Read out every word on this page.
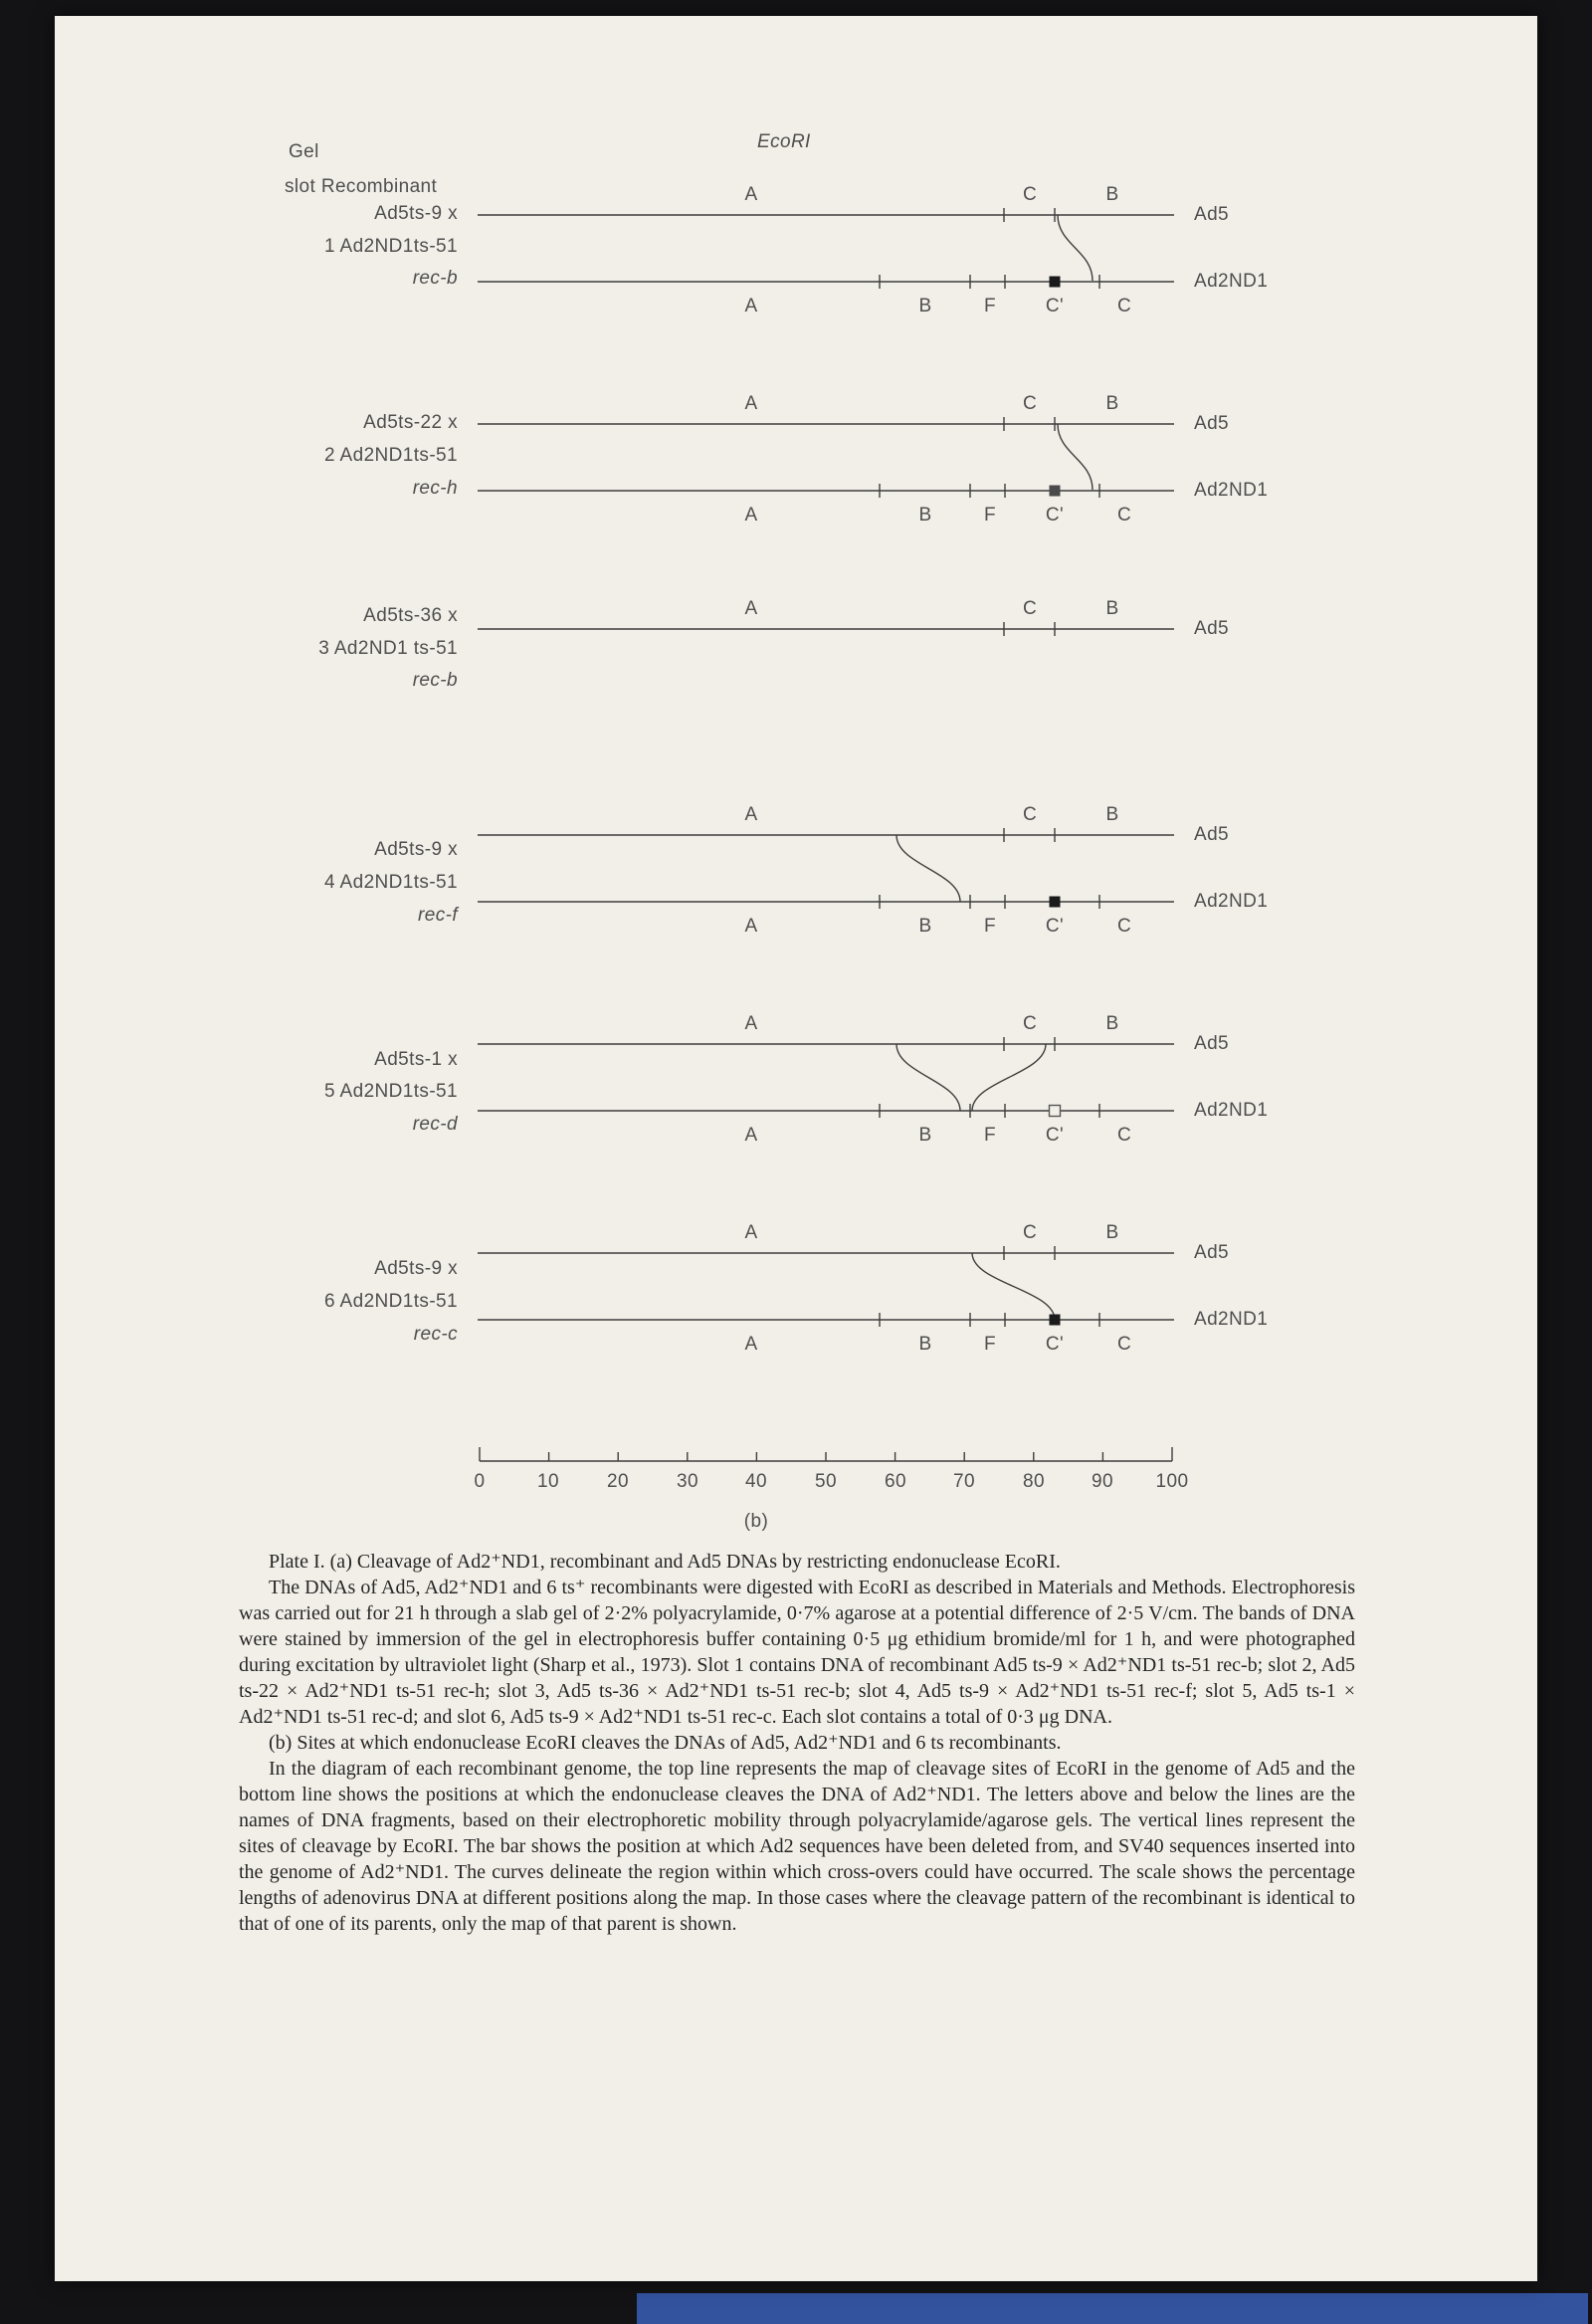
Gel
slot Recombinant
EcoRI
Ad5ts-9 x
1 Ad2ND1ts-51
rec-b
A	C	B
Ad5
A	B	F	C'	C
Ad2ND1
Ad5ts-22 x
2 Ad2ND1ts-51
rec-h
A	C	B
Ad5
A	B	F	C'	C
Ad2ND1
Ad5ts-36 x
3 Ad2ND1 ts-51
rec-b
A	C	B
Ad5
Ad5ts-9 x
4 Ad2ND1ts-51
rec-f
A	C	B
Ad5
A	B	F	C'	C
Ad2ND1
Ad5ts-1 x
5 Ad2ND1ts-51
rec-d
A	C	B
Ad5
A	B	F	C'	C
Ad2ND1
Ad5ts-9 x
6 Ad2ND1ts-51
rec-c
A	C	B
Ad5
A	B	F	C'	C
Ad2ND1
0	10	20	30 40	50	60 70	80 90 100
(b)

Plate I. (a) Cleavage of Ad2⁺ND1, recombinant and Ad5 DNAs by restricting endonuclease EcoRI.

The DNAs of Ad5, Ad2⁺ND1 and 6 ts⁺ recombinants were digested with EcoRI as described in Materials and Methods. Electrophoresis was carried out for 21 h through a slab gel of 2·2% polyacrylamide, 0·7% agarose at a potential difference of 2·5 V/cm. The bands of DNA were stained by immersion of the gel in electrophoresis buffer containing 0·5 μg ethidium bromide/ml for 1 h, and were photographed during excitation by ultraviolet light (Sharp et al., 1973). Slot 1 contains DNA of recombinant Ad5 ts-9 × Ad2⁺ND1 ts-51 rec-b; slot 2, Ad5 ts-22 × Ad2⁺ND1 ts-51 rec-h; slot 3, Ad5 ts-36 × Ad2⁺ND1 ts-51 rec-b; slot 4, Ad5 ts-9 × Ad2⁺ND1 ts-51 rec-f; slot 5, Ad5 ts-1 × Ad2⁺ND1 ts-51 rec-d; and slot 6, Ad5 ts-9 × Ad2⁺ND1 ts-51 rec-c. Each slot contains a total of 0·3 μg DNA.

(b) Sites at which endonuclease EcoRI cleaves the DNAs of Ad5, Ad2⁺ND1 and 6 ts recombinants.

In the diagram of each recombinant genome, the top line represents the map of cleavage sites of EcoRI in the genome of Ad5 and the bottom line shows the positions at which the endonuclease cleaves the DNA of Ad2⁺ND1. The letters above and below the lines are the names of DNA fragments, based on their electrophoretic mobility through polyacrylamide/agarose gels. The vertical lines represent the sites of cleavage by EcoRI. The bar shows the position at which Ad2 sequences have been deleted from, and SV40 sequences inserted into the genome of Ad2⁺ND1. The curves delineate the region within which cross-overs could have occurred. The scale shows the percentage lengths of adenovirus DNA at different positions along the map. In those cases where the cleavage pattern of the recombinant is identical to that of one of its parents, only the map of that parent is shown.
